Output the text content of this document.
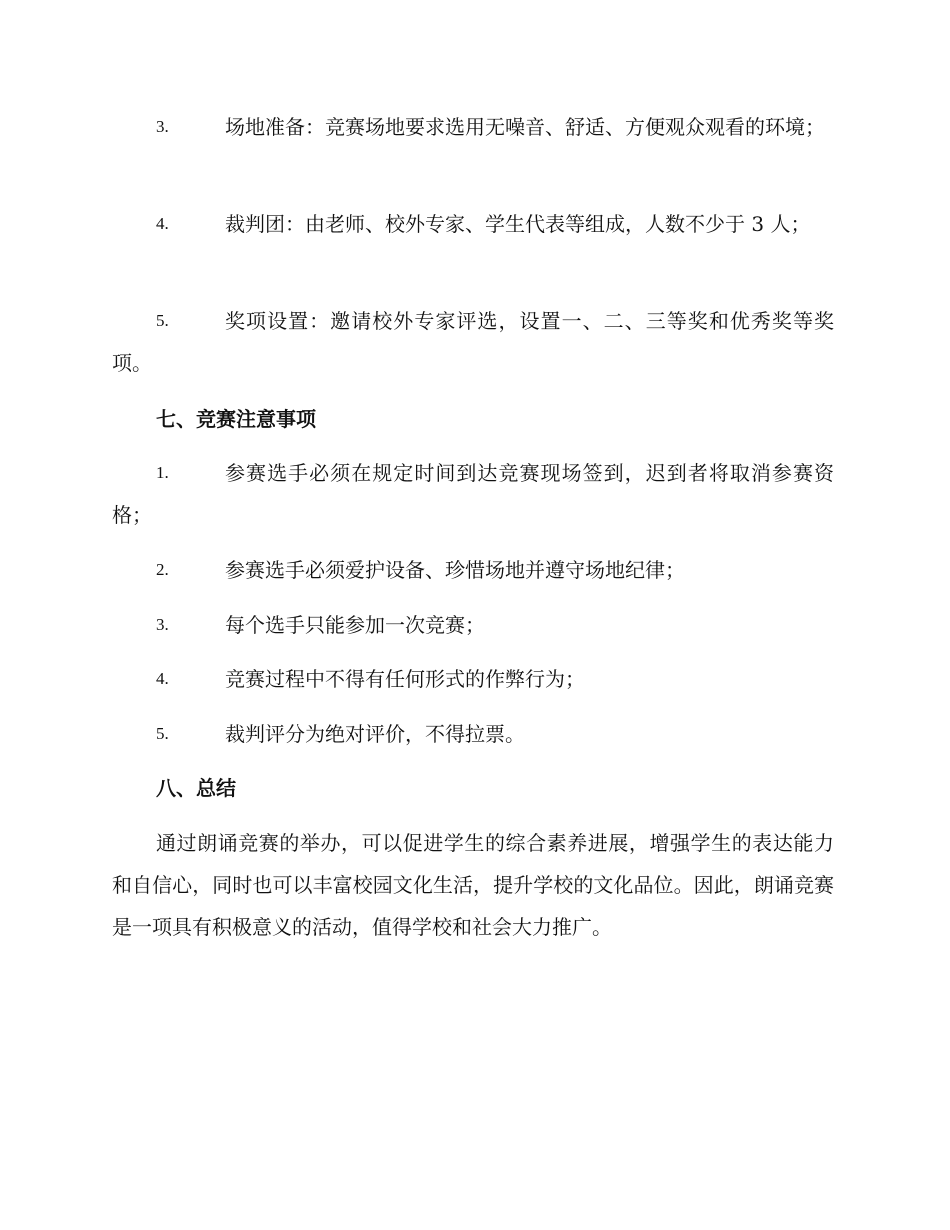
3.	场地准备：竞赛场地要求选用无噪音、舒适、方便观众观看的环境；
4.	裁判团：由老师、校外专家、学生代表等组成，人数不少于 3 人；
5.	奖项设置：邀请校外专家评选，设置一、二、三等奖和优秀奖等奖项。
七、竞赛注意事项
1.	参赛选手必须在规定时间到达竞赛现场签到，迟到者将取消参赛资格；
2.	参赛选手必须爱护设备、珍惜场地并遵守场地纪律；
3.	每个选手只能参加一次竞赛；
4.	竞赛过程中不得有任何形式的作弊行为；
5.	裁判评分为绝对评价，不得拉票。
八、总结
通过朗诵竞赛的举办，可以促进学生的综合素养进展，增强学生的表达能力和自信心，同时也可以丰富校园文化生活，提升学校的文化品位。因此，朗诵竞赛是一项具有积极意义的活动，值得学校和社会大力推广。
